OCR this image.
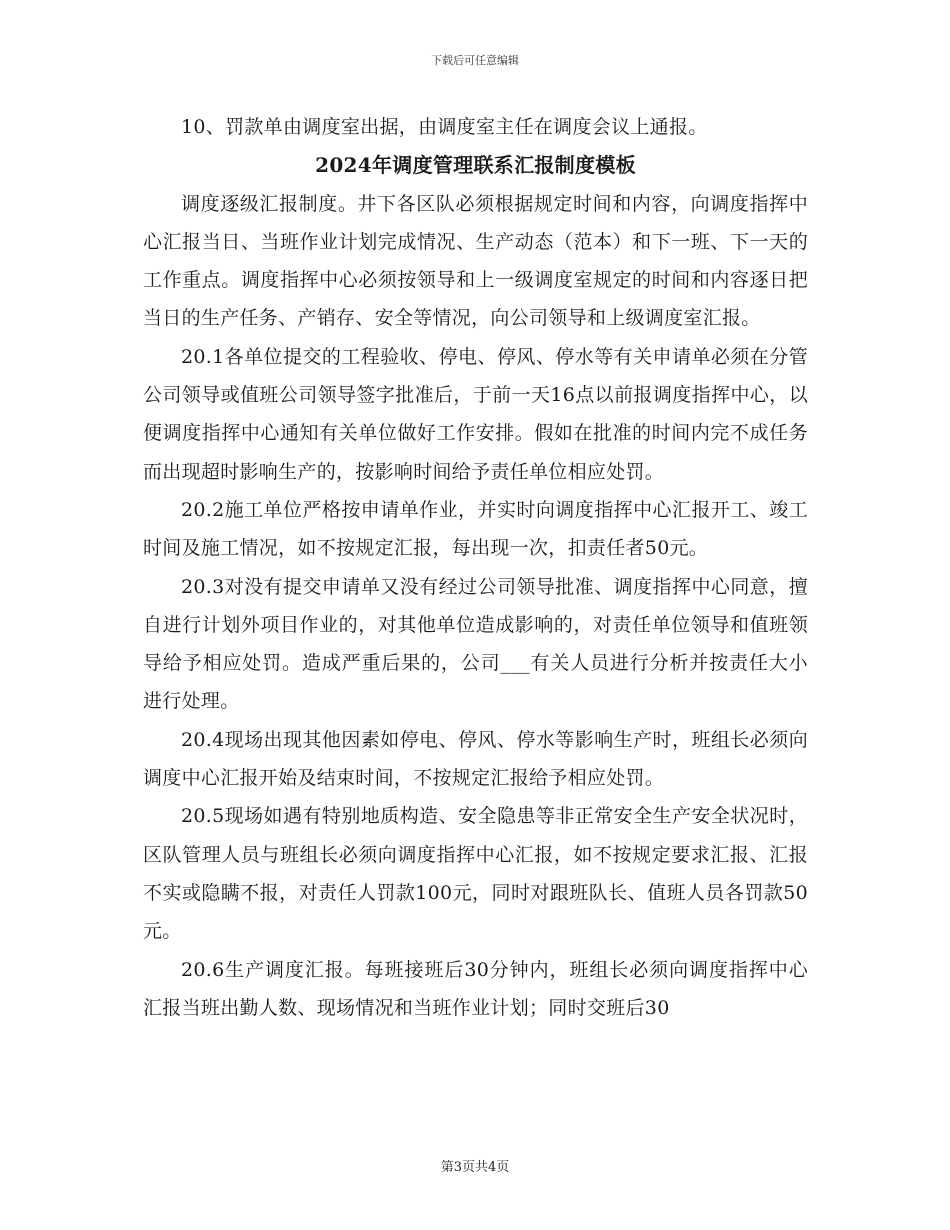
下载后可任意编辑

10、罚款单由调度室出据，由调度室主任在调度会议上通报。

2024年调度管理联系汇报制度模板

调度逐级汇报制度。井下各区队必须根据规定时间和内容，向调度指挥中心汇报当日、当班作业计划完成情况、生产动态（范本）和下一班、下一天的工作重点。调度指挥中心必须按领导和上一级调度室规定的时间和内容逐日把当日的生产任务、产销存、安全等情况，向公司领导和上级调度室汇报。

20.1各单位提交的工程验收、停电、停风、停水等有关申请单必须在分管公司领导或值班公司领导签字批准后，于前一天16点以前报调度指挥中心，以便调度指挥中心通知有关单位做好工作安排。假如在批准的时间内完不成任务而出现超时影响生产的，按影响时间给予责任单位相应处罚。

20.2施工单位严格按申请单作业，并实时向调度指挥中心汇报开工、竣工时间及施工情况，如不按规定汇报，每出现一次，扣责任者50元。

20.3对没有提交申请单又没有经过公司领导批准、调度指挥中心同意，擅自进行计划外项目作业的，对其他单位造成影响的，对责任单位领导和值班领导给予相应处罚。造成严重后果的，公司___有关人员进行分析并按责任大小进行处理。

20.4现场出现其他因素如停电、停风、停水等影响生产时，班组长必须向调度中心汇报开始及结束时间，不按规定汇报给予相应处罚。

20.5现场如遇有特别地质构造、安全隐患等非正常安全生产安全状况时，区队管理人员与班组长必须向调度指挥中心汇报，如不按规定要求汇报、汇报不实或隐瞒不报，对责任人罚款100元，同时对跟班队长、值班人员各罚款50元。

20.6生产调度汇报。每班接班后30分钟内，班组长必须向调度指挥中心汇报当班出勤人数、现场情况和当班作业计划；同时交班后30

第3页共4页
